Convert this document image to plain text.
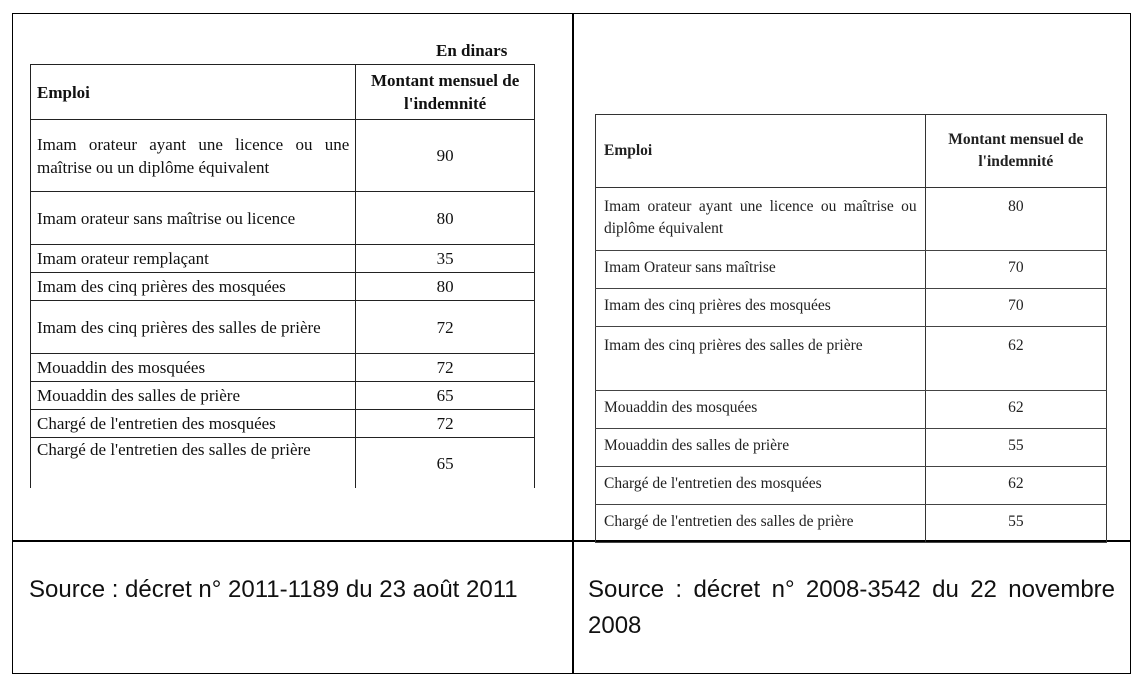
En dinars
Emploi	Montant mensuel de l'indemnité
Imam orateur ayant une licence ou une maîtrise ou un diplôme équivalent	90
Imam orateur sans maîtrise ou licence	80
Imam orateur remplaçant	35
Imam des cinq prières des mosquées	80
Imam des cinq prières des salles de prière	72
Mouaddin des mosquées	72
Mouaddin des salles de prière	65
Chargé de l'entretien des mosquées	72
Chargé de l'entretien des salles de prière	65
Emploi	Montant mensuel de l'indemnité
Imam orateur ayant une licence ou maîtrise ou diplôme équivalent	80
Imam Orateur sans maîtrise	70
Imam des cinq prières des mosquées	70
Imam des cinq prières des salles de prière	62
Mouaddin des mosquées	62
Mouaddin des salles de prière	55
Chargé de l'entretien des mosquées	62
Chargé de l'entretien des salles de prière	55
Source : décret n° 2011-1189 du 23 août 2011	Source : décret n° 2008-3542 du 22 novembre 2008
